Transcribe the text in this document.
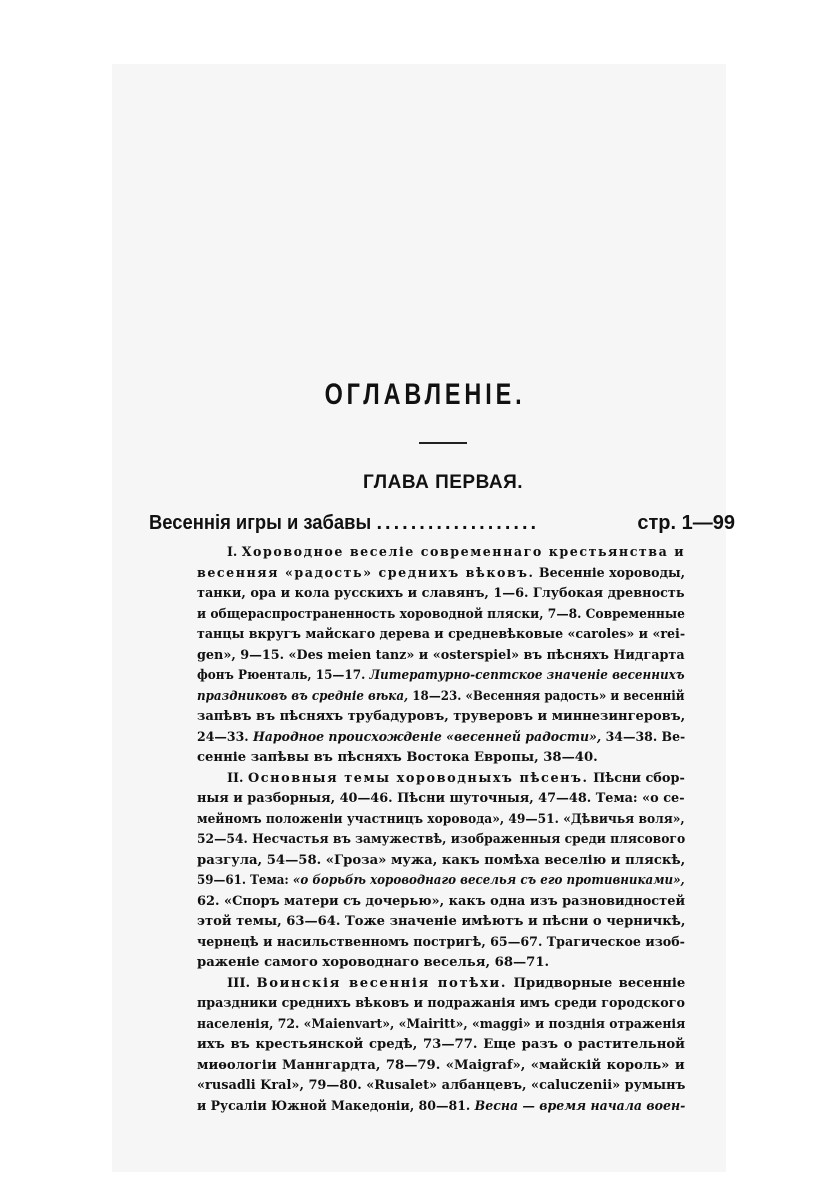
ОГЛАВЛЕНІЕ.
ГЛАВА ПЕРВАЯ.
Весеннія игры и забавы ...................	стр. 1—99
I. Хороводное веселіе современнаго крестьянства и
весенняя «радость» среднихъ вѣковъ. Весенніе хороводы,
танки, ора и кола русскихъ и славянъ, 1—6. Глубокая древность
и общераспространенность хороводной пляски, 7—8. Современные
танцы вкругъ майскаго дерева и средневѣковые «caroles» и «rei-
gen», 9—15. «Des meien tanz» и «osterspiel» въ пѣсняхъ Нидгарта
фонъ Рюенталь, 15—17. Литературно-сеnтское значенiе весеннихъ
праздниковъ въ средніе вѣка, 18—23. «Весенняя радость» и весеннiй
запѣвъ въ пѣсняхъ трубадуровъ, труверовъ и миннезингеровъ,
24—33. Народное происхожденіе «весенней радости», 34—38. Ве-
сенніе запѣвы въ пѣсняхъ Востока Европы, 38—40.
II. Основныя темы хороводныхъ пѣсенъ. Пѣсни сбор-
ныя и разборныя, 40—46. Пѣсни шуточныя, 47—48. Тема: «о се-
мейномъ положеніи участницъ хоровода», 49—51. «Дѣвичья воля»,
52—54. Несчастья въ замужествѣ, изображенныя среди плясового
разгула, 54—58. «Гроза» мужа, какъ помѣха веселію и пляскѣ,
59—61. Тема: «о борьбѣ хороводнаго веселья съ его противниками»,
62. «Споръ матери съ дочерью», какъ одна изъ разновидностей
этой темы, 63—64. Тоже значеніе имѣютъ и пѣсни о черничкѣ,
чернецѣ и насильственномъ постригѣ, 65—67. Трагическое изоб-
раженіе самого хороводнаго веселья, 68—71.
III. Воинскія весеннія потѣхи. Придворные весенніе
праздники среднихъ вѣковъ и подражанія имъ среди городского
населенія, 72. «Maienvart», «Mairitt», «maggi» и позднія отраженія
ихъ въ крестьянской средѣ, 73—77. Еще разъ о растительной
миѳологіи Маннгардта, 78—79. «Maigraf», «майскій король» и
«rusadli Kral», 79—80. «Rusalet» албанцевъ, «caluczenii» румынъ
и Русаліи Южной Македоніи, 80—81. Весна — время начала воен-
